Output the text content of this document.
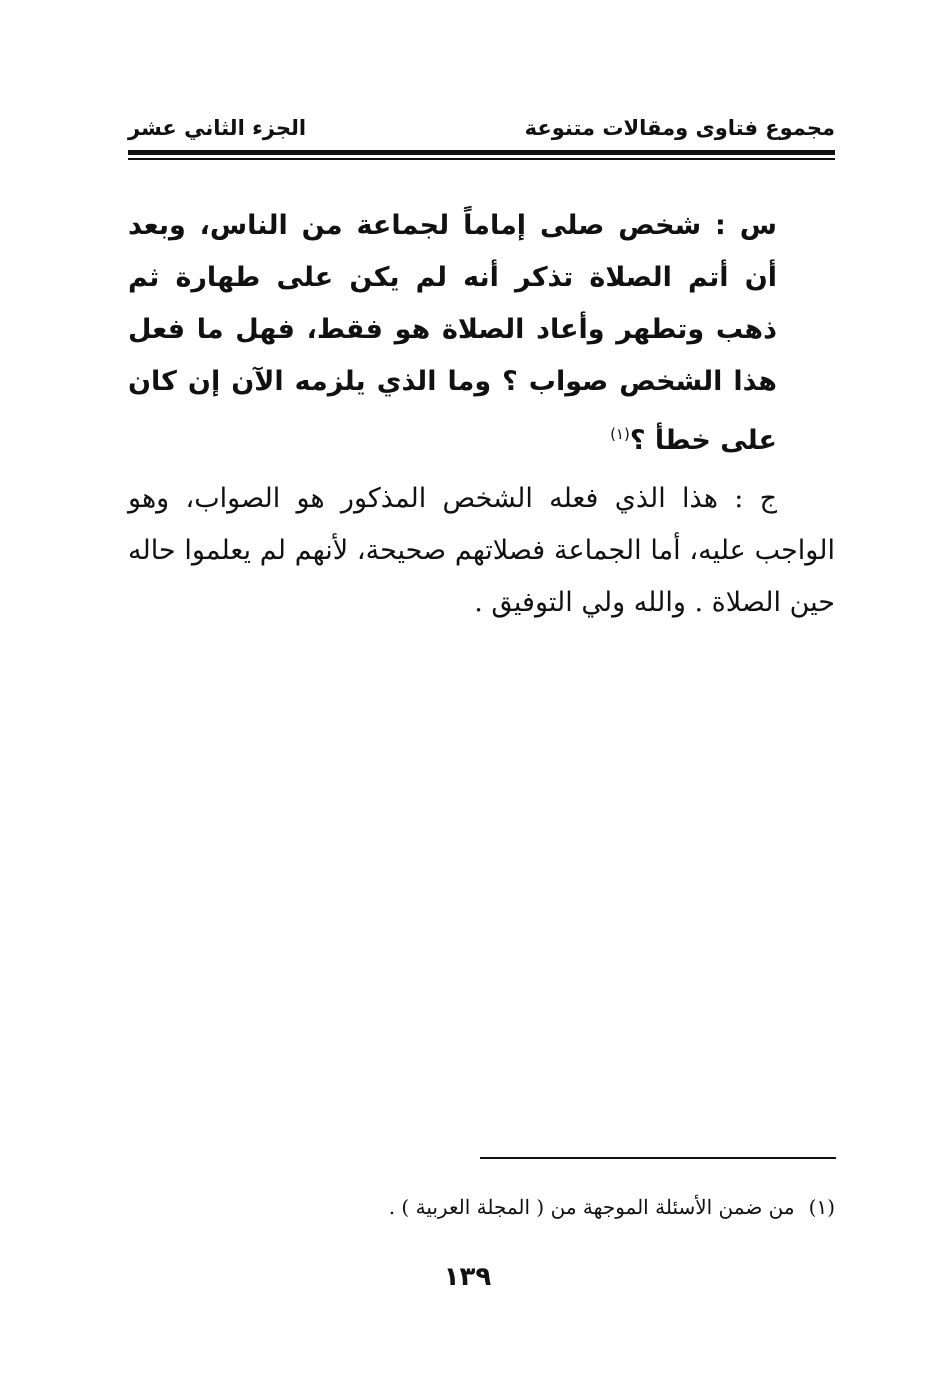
مجموع فتاوى ومقالات متنوعة
الجزء الثاني عشر

س : شخص صلى إماماً لجماعة من الناس، وبعد أن أتم الصلاة تذكر أنه لم يكن على طهارة ثم ذهب وتطهر وأعاد الصلاة هو فقط، فهل ما فعل هذا الشخص صواب ؟ وما الذي يلزمه الآن إن كان على خطأ ؟$^{(١)}$

ج : هذا الذي فعله الشخص المذكور هو الصواب، وهو الواجب عليه، أما الجماعة فصلاتهم صحيحة، لأنهم لم يعلموا حاله حين الصلاة . والله ولي التوفيق .

(١)من ضمن الأسئلة الموجهة من ( المجلة العربية ) .
١٣٩
